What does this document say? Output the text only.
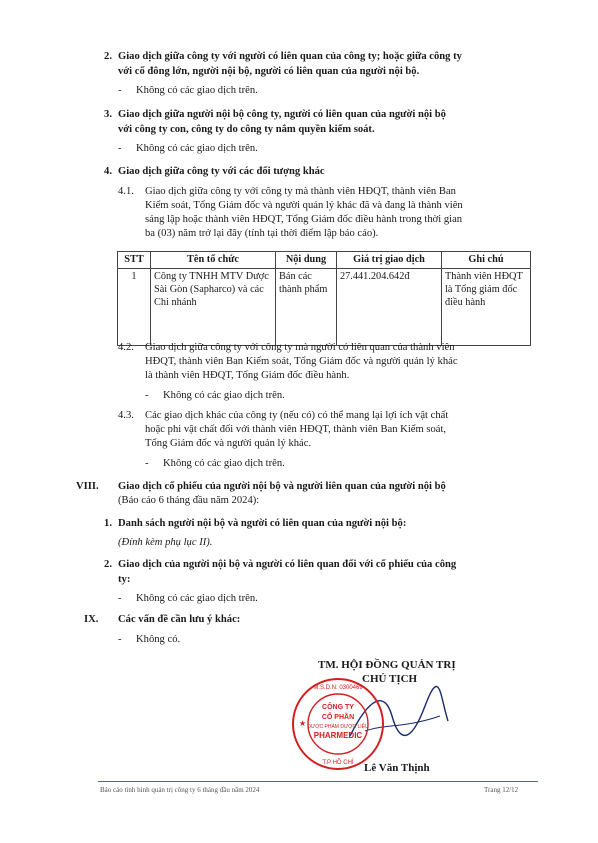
2. Giao dịch giữa công ty với người có liên quan của công ty; hoặc giữa công ty
với cổ đông lớn, người nội bộ, người có liên quan của người nội bộ.
-
Không có các giao dịch trên.
3. Giao dịch giữa người nội bộ công ty, người có liên quan của người nội bộ
với công ty con, công ty do công ty nắm quyền kiểm soát.
-
Không có các giao dịch trên.
4. Giao dịch giữa công ty với các đối tượng khác
4.1. Giao dịch giữa công ty với công ty mà thành viên HĐQT, thành viên Ban
Kiểm soát, Tổng Giám đốc và người quản lý khác đã và đang là thành viên
sáng lập hoặc thành viên HĐQT, Tổng Giám đốc điều hành trong thời gian
ba (03) năm trở lại đây (tính tại thời điểm lập báo cáo).
STT	Tên tổ chức	Nội dung	Giá trị giao dịch	Ghi chú
1	Công ty TNHH MTV Dược Sài Gòn (Sapharco) và các Chi nhánh	Bán các thành phẩm	27.441.204.642đ	Thành viên HĐQT là Tổng giám đốc điều hành
4.2. Giao dịch giữa công ty với công ty mà người có liên quan của thành viên
HĐQT, thành viên Ban Kiểm soát, Tổng Giám đốc và người quản lý khác
là thành viên HĐQT, Tổng Giám đốc điều hành.
-
Không có các giao dịch trên.
4.3. Các giao dịch khác của công ty (nếu có) có thể mang lại lợi ích vật chất
hoặc phi vật chất đối với thành viên HĐQT, thành viên Ban Kiểm soát,
Tổng Giám đốc và người quản lý khác.
-
Không có các giao dịch trên.
VIII. Giao dịch cổ phiếu của người nội bộ và người liên quan của người nội bộ
(Báo cáo 6 tháng đầu năm 2024):
1. Danh sách người nội bộ và người có liên quan của người nội bộ:
(Đính kèm phụ lục II).
2. Giao dịch của người nội bộ và người có liên quan đối với cổ phiếu của công
ty:
-
Không có các giao dịch trên.
IX. Các vấn đề cần lưu ý khác:
-
Không có.
TM. HỘI ĐỒNG QUẢN TRỊ
CHỦ TỊCH
CÔNG TY
CỔ PHẦN
DƯỢC PHẨM DƯỢC LIỆU
PHARMEDIC
M.S.D.N: 0300469
T.P HỒ CHÍ
★
Lê Văn Thịnh
Báo cáo tình hình quản trị công ty 6 tháng đầu năm 2024	Trang 12/12
